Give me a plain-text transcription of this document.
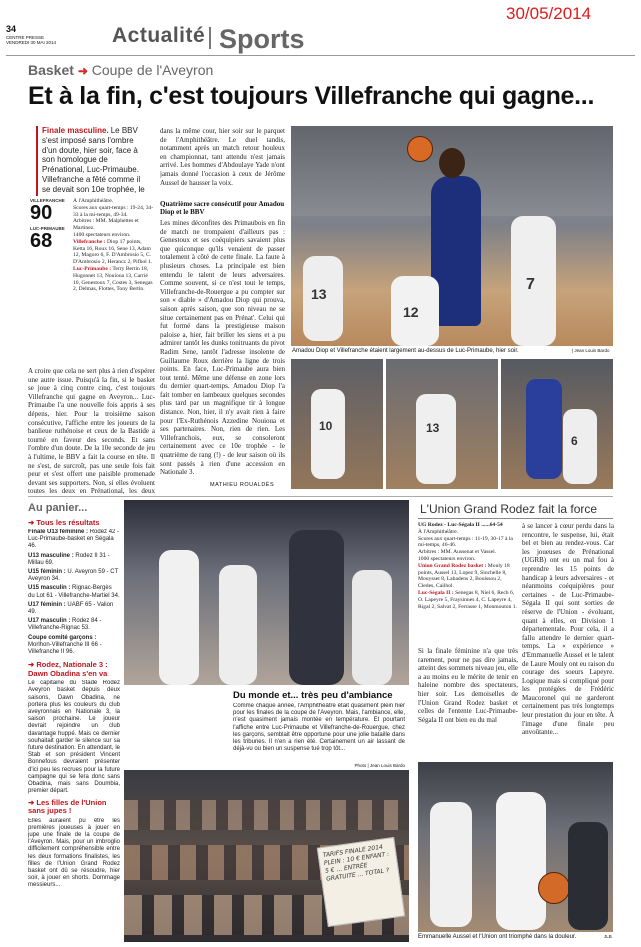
34
CENTRE PRESSE
VENDREDI 30 MAI 2014	Actualité Sports
30/05/2014
Basket ➜ Coupe de l'Aveyron
Et à la fin, c'est toujours Villefranche qui gagne...
Finale masculine. Le BBV s'est imposé sans l'ombre d'un doute, hier soir, face à son homologue de Prénational, Luc-Primaube. Villefranche a fêté comme il se devait son 10e trophée, le
VILLEFRANCHE
90
LUC-PRIMAUBE
68
À l'Amphithéâtre.
Scores aux quart-temps : 19-24, 34-33 à la mi-temps, 49-34.
Arbitres : MM. Malphettes et Martinez.
1400 spectateurs environ.
Villefranche : Diop 17 points, Ketta 16, Roux 16, Sene 13, Adam 12, Magoro 6, F. D'Ambrosio 5, C. D'Ambrosio 2, Herancz 2, Pifhol 1.
Luc-Primaube : Terry Bertin 18, Hugonnet 13, Nouioua 13, Carrié 10, Genestoux 7, Costes 3, Senegas 2, Delmas, Flottes, Tony Bertin.
A croire que cela ne sert plus à rien d'espérer une autre issue. Puisqu'à la fin, si le basket se joue à cinq contre cinq, c'est toujours Villefranche qui gagne en Aveyron... Luc-Primaube l'a une nouvelle fois appris à ses dépens, hier. Pour la troisième saison consécutive, l'affiche entre les joueurs de la banlieue ruthénoise et ceux de la Bastide a tourné en faveur des seconds. Et sans l'ombre d'un doute. De la 10e seconde de jeu à l'ultime, le BBV a fait la course en tête. Il ne s'est, de surcroît, pas une seule fois fait peur et s'est offert une paisible promenade devant ses supporters. Non, si elles évoluent toutes les deux en Prénational, les deux
dans la même cour, hier soir sur le parquet de l'Amphithéâtre. Le duel tandis, notamment après un match retour houleux en championnat, tant attendu n'est jamais arrivé. Les hommes d'Abdoulaye Yade n'ont jamais donné l'occasion à ceux de Jérôme Aussel de hausser la voix.
Quatrième sacre consécutif pour Amadou Diop et le BBV
Les mines déconfites des Primaubois en fin de match ne trompaient d'ailleurs pas : Genestoux et ses coéquipiers savaient plus que quiconque qu'ils venaient de passer totalement à côté de cette finale. La faute à plusieurs choses. La principale est bien entendu le talent de leurs adversaires. Comme souvent, si ce n'est tout le temps, Villefranche-de-Rouergue a pu compter sur son « diable » d'Amadou Diop qui prouva, saison après saison, que son niveau ne se situe certainement pas en Prénat'. Celui qui fut formé dans la prestigieuse maison paloise a, hier, fait briller les siens et a pu admirer tantôt les dunks tonitruants du pivot Radim Sene, tantôt l'adresse insolente de Guillaume Roux derrière la ligne de trois points. En face, Luc-Primaube aura bien tout tenté. Même une défense en zone lors du dernier quart-temps. Amadou Diop l'a fait tomber en lambeaux quelques secondes plus tard par un magnifique tir à longue distance. Non, hier, il n'y avait rien à faire pour l'Ex-Ruthénois Azzedine Nouioua et ses partenaires. Non, rien de rien. Les Villefranchois, eux, se consoleront certainement avec ce 10e trophée - le quatrième de rang (!) - de leur saison où ils sont passés à rien d'une accession en Nationale 3.
MATHIEU ROUALDÈS
13
12
7
Amadou Diop et Villefranche étaient largement au-dessus de Luc-Primaube, hier soir.	| Jean Louis Bardo
10	13
6
Au panier...
➜ Tous les résultats

Finale U13 féminine : Rodez 42 - Luc-Primaube-basket en Ségala 46.

U13 masculine : Rodez II 31 - Millau 69.

U15 féminin : U. Aveyron 59 - CT Aveyron 34.

U15 masculin : Rignac-Bergès du Lot 61 - Villefranche-Martiel 34.

U17 féminin : UABF 65 - Valion 49.

U17 masculin : Rodez 84 - Villefranche-Rignac 53.

Coupe comité garçons : Morlhon-Villefranche III 66 - Villefranche II 96.

➜ Rodez, Nationale 3 : Dawn Obadina s'en va
Le capitaine du Stade Rodez Aveyron basket depuis deux saisons, Dawn Obadina, ne portera plus les couleurs du club aveyronnais en Nationale 3, la saison prochaine. Le joueur devrait rejoindre un club davantage huppé. Mais ce dernier souhaitait garder le silence sur sa future destination. En attendant, le Stab et son président Vincent Bonnefous devraient présenter d'ici peu les recrues pour la future campagne qui se fera donc sans Obadina, mais sans Doumbia, premier départ.
➜ Les filles de l'Union sans jupes !
Elles auraient pu être les premières joueuses à jouer en jupe une finale de la coupe de l'Aveyron. Mais, pour un imbroglio difficilement compréhensible entre les deux formations finalistes, les filles de l'Union Grand Rodez basket ont dû se résoudre, hier soir, à jouer en shorts. Dommage messieurs...
Du monde et... très peu d'ambiance
Comme chaque année, l'Amphithéâtre était quasiment plein hier pour les finales de la coupe de l'Aveyron. Mais, l'ambiance, elle, n'est quasiment jamais montée en température. Et pourtant l'affiche entre Luc-Primaube et Villefranche-de-Rouergue, chez les garçons, semblait être opportune pour une jolie bataille dans les tribunes. Il n'en a rien été. Certainement un air lassant de déjà-vu ou bien un suspense tué trop tôt...
Photo | Jean Louis Bardo
TARIFS FINALE 2014 PLEIN : 10 € ENFANT : 5 € ... ENTRÉE GRATUITE ... TOTAL ?
L'Union Grand Rodez fait la force
UG Rodez - Luc-Ségala II ......64-54
À l'Amphithéâtre.
Scores aux quart-temps : 11-19, 30-17 à la mi-temps, 46-46.
Arbitres : MM. Aussenat et Vassel.
1000 spectateurs environ.
Union Grand Rodez basket : Mouly 18 points, Aussel 13, Lopez 9, Sinchelle 8, Mouysset 8, Labadens 2, Bouissou 2, Cledes, Cailhol.
Luc-Ségala II : Senegas 8, Niel 6, Rech 6, O. Lapeyre 5, Fraysinnes 4, C. Lapeyre 4, Rigal 2, Salvat 2, Ferrasse 1, Monmouton 1.
Si la finale féminine n'a que très rarement, pour ne pas dire jamais, atteint des sommets niveau jeu, elle a au moins eu le mérite de tenir en haleine nombre des spectateurs, hier soir. Les demoiselles de l'Union Grand Rodez basket et celles de l'entente Luc-Primaube-Ségala II ont bien eu du mal
à se lancer à cœur perdu dans la rencontre, le suspense, lui, était bel et bien au rendez-vous. Car les joueuses de Prénational (UGRB) ont eu un mal fou à reprendre les 15 points de handicap à leurs adversaires - et néanmoins coéquipières pour certaines - de Luc-Primaube-Ségala II qui sont sorties de réserve de l'Union - évoluant, quant à elles, en Division 1 départementale. Pour cela, il a fallu attendre le dernier quart-temps. La « expérience » d'Emmanuelle Aussel et le talent de Laure Mouly ont eu raison du courage des soeurs Lapeyre. Logique mais si compliqué pour les protégées de Frédéric Maucoronel qui ne garderont certainement pas très longtemps leur prestation du jour en tête. À l'image d'une finale peu anvoûtante...
Emmanuelle Aussel et l'Union ont triomphé dans la douleur.	JLB
